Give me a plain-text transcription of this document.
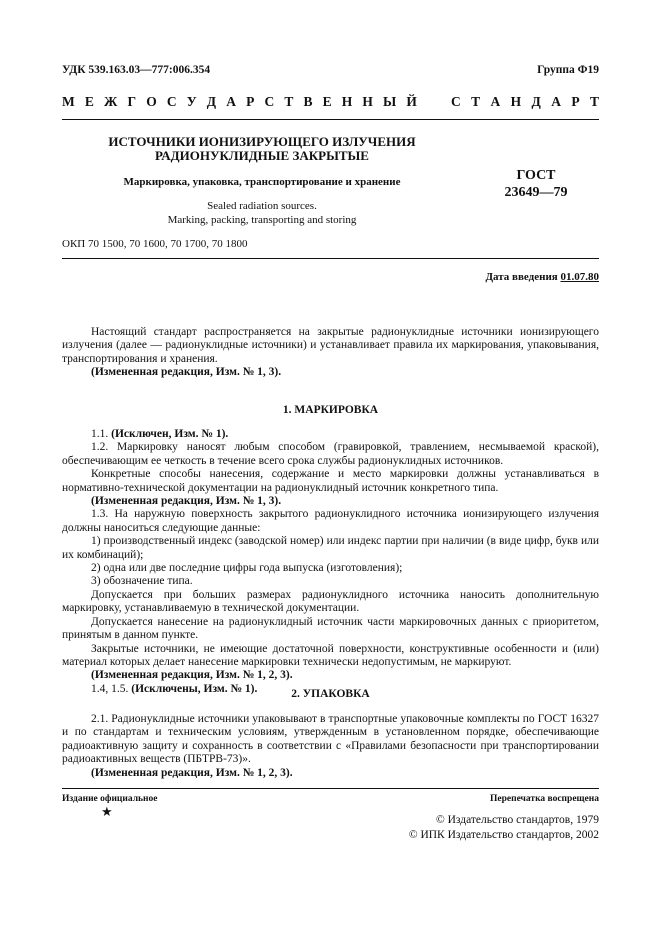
УДК 539.163.03—777:006.354	Группа Ф19
М Е Ж Г О С У Д А Р С Т В Е Н Н Ы Й	С Т А Н Д А Р Т
ИСТОЧНИКИ ИОНИЗИРУЮЩЕГО ИЗЛУЧЕНИЯ
РАДИОНУКЛИДНЫЕ ЗАКРЫТЫЕ
Маркировка, упаковка, транспортирование и хранение
Sealed radiation sources.
Marking, packing, transporting and storing
ГОСТ
23649—79
ОКП 70 1500, 70 1600, 70 1700, 70 1800
Дата введения 01.07.80

Настоящий стандарт распространяется на закрытые радионуклидные источники ионизирующего излучения (далее — радионуклидные источники) и устанавливает правила их маркирования, упаковывания, транспортирования и хранения.

(Измененная редакция, Изм. № 1, 3).

1. МАРКИРОВКА

1.1. (Исключен, Изм. № 1).

1.2. Маркировку наносят любым способом (гравировкой, травлением, несмываемой краской), обеспечивающим ее четкость в течение всего срока службы радионуклидных источников.

Конкретные способы нанесения, содержание и место маркировки должны устанавливаться в нормативно-технической документации на радионуклидный источник конкретного типа.

(Измененная редакция, Изм. № 1, 3).

1.3. На наружную поверхность закрытого радионуклидного источника ионизирующего излучения должны наноситься следующие данные:

1) производственный индекс (заводской номер) или индекс партии при наличии (в виде цифр, букв или их комбинаций);

2) одна или две последние цифры года выпуска (изготовления);

3) обозначение типа.

Допускается при больших размерах радионуклидного источника наносить дополнительную маркировку, устанавливаемую в технической документации.

Допускается нанесение на радионуклидный источник части маркировочных данных с приоритетом, принятым в данном пункте.

Закрытые источники, не имеющие достаточной поверхности, конструктивные особенности и (или) материал которых делает нанесение маркировки технически недопустимым, не маркируют.

(Измененная редакция, Изм. № 1, 2, 3).

1.4, 1.5. (Исключены, Изм. № 1).	2. УПАКОВКА

2.1. Радионуклидные источники упаковывают в транспортные упаковочные комплекты по ГОСТ 16327 и по стандартам и техническим условиям, утвержденным в установленном порядке, обеспечивающие радиоактивную защиту и сохранность в соответствии с «Правилами безопасности при транспортировании радиоактивных веществ (ПБТРВ-73)».

(Измененная редакция, Изм. № 1, 2, 3).

Издание официальное
★
Перепечатка воспрещена
© Издательство стандартов, 1979
© ИПК Издательство стандартов, 2002
